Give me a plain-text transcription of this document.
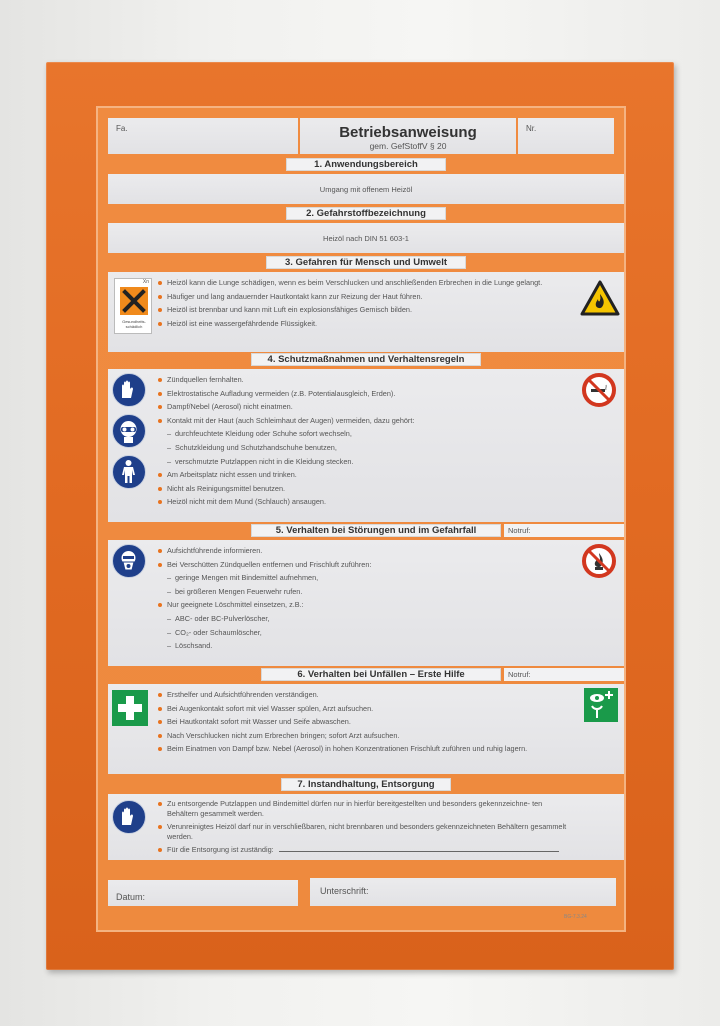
Fa.	Betriebsanweisung
gem. GefStoffV § 20
Nr.
1. Anwendungsbereich
Umgang mit offenem Heizöl
2. Gefahrstoffbezeichnung
Heizöl nach DIN 51 603-1
3. Gefahren für Mensch und Umwelt
Xn
Gesundheits-
schädlich
Heizöl kann die Lunge schädigen, wenn es beim Verschlucken und anschließenden Erbrechen in die Lunge gelangt.
Häufiger und lang andauernder Hautkontakt kann zur Reizung der Haut führen.
Heizöl ist brennbar und kann mit Luft ein explosionsfähiges Gemisch bilden.
Heizöl ist eine wassergefährdende Flüssigkeit.
4. Schutzmaßnahmen und Verhaltensregeln
Zündquellen fernhalten.
Elektrostatische Aufladung vermeiden (z.B. Potentialausgleich, Erden).
Dampf/Nebel (Aerosol) nicht einatmen.
Kontakt mit der Haut (auch Schleimhaut der Augen) vermeiden, dazu gehört:
– durchfeuchtete Kleidung oder Schuhe sofort wechseln,
– Schutzkleidung und Schutzhandschuhe benutzen,
– verschmutzte Putzlappen nicht in die Kleidung stecken.
Am Arbeitsplatz nicht essen und trinken.
Nicht als Reinigungsmittel benutzen.
Heizöl nicht mit dem Mund (Schlauch) ansaugen.
5. Verhalten bei Störungen und im Gefahrfall	Notruf:
Aufsichtführende informieren.
Bei Verschütten Zündquellen entfernen und Frischluft zuführen:
– geringe Mengen mit Bindemittel aufnehmen,
– bei größeren Mengen Feuerwehr rufen.
Nur geeignete Löschmittel einsetzen, z.B.:
– ABC- oder BC-Pulverlöscher,
– CO₂- oder Schaumlöscher,
– Löschsand.
6. Verhalten bei Unfällen – Erste Hilfe	Notruf:
Ersthelfer und Aufsichtführenden verständigen.
Bei Augenkontakt sofort mit viel Wasser spülen, Arzt aufsuchen.
Bei Hautkontakt sofort mit Wasser und Seife abwaschen.
Nach Verschlucken nicht zum Erbrechen bringen; sofort Arzt aufsuchen.
Beim Einatmen von Dampf bzw. Nebel (Aerosol) in hohen Konzentrationen Frischluft zuführen und ruhig lagern.
7. Instandhaltung, Entsorgung
Zu entsorgende Putzlappen und Bindemittel dürfen nur in hierfür bereitgestellten und besonders gekennzeichne- ten Behältern gesammelt werden.
Verunreinigtes Heizöl darf nur in verschließbaren, nicht brennbaren und besonders gekennzeichneten Behältern gesammelt werden.
Für die Entsorgung ist zuständig:
Datum:
Unterschrift:
BG-7.3.24
